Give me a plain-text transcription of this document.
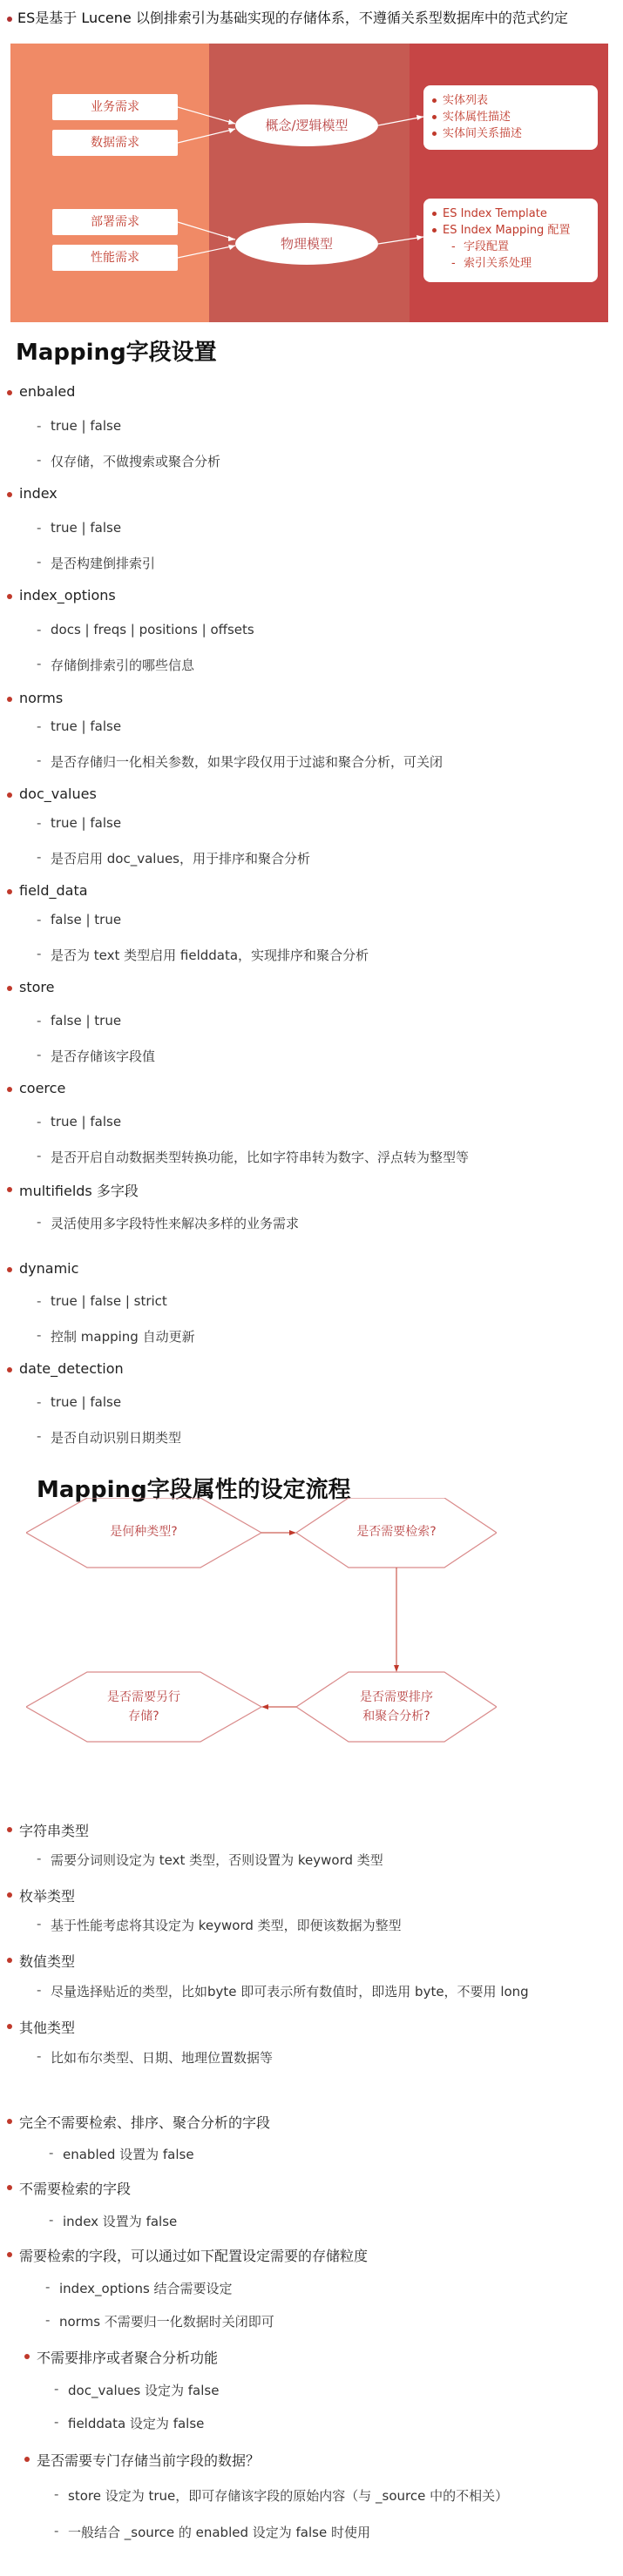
ES是基于 Lucene 以倒排索引为基础实现的存储体系，不遵循关系型数据库中的范式约定
业务需求
数据需求
部署需求
性能需求
概念/逻辑模型
物理模型
实体列表
实体属性描述
实体间关系描述
ES Index Template
ES Index Mapping 配置
- 字段配置
- 索引关系处理
Mapping字段设置
enbaled
- true | false
- 仅存储，不做搜索或聚合分析
index
- true | false
- 是否构建倒排索引
index_options
- docs | freqs | positions | offsets
- 存储倒排索引的哪些信息
norms
- true | false
- 是否存储归一化相关参数，如果字段仅用于过滤和聚合分析，可关闭
doc_values
- true | false
- 是否启用 doc_values，用于排序和聚合分析
field_data
- false | true
- 是否为 text 类型启用 fielddata，实现排序和聚合分析
store
- false | true
- 是否存储该字段值
coerce
- true | false
- 是否开启自动数据类型转换功能，比如字符串转为数字、浮点转为整型等
multifields 多字段
- 灵活使用多字段特性来解决多样的业务需求
dynamic
- true | false | strict
- 控制 mapping 自动更新
date_detection
- true | false
- 是否自动识别日期类型
Mapping字段属性的设定流程
是何种类型?	是否需要检索?
是否需要排序
和聚合分析?
是否需要另行
存储?
字符串类型
- 需要分词则设定为 text 类型，否则设置为 keyword 类型
枚举类型
- 基于性能考虑将其设定为 keyword 类型，即便该数据为整型
数值类型
- 尽量选择贴近的类型，比如byte 即可表示所有数值时，即选用 byte，不要用 long
其他类型
- 比如布尔类型、日期、地理位置数据等
完全不需要检索、排序、聚合分析的字段
- enabled 设置为 false
不需要检索的字段
- index 设置为 false
需要检索的字段，可以通过如下配置设定需要的存储粒度
- index_options 结合需要设定
- norms 不需要归一化数据时关闭即可
不需要排序或者聚合分析功能
- doc_values 设定为 false
- fielddata 设定为 false
是否需要专门存储当前字段的数据？
- store 设定为 true，即可存储该字段的原始内容（与 _source 中的不相关）
- 一般结合 _source 的 enabled 设定为 false 时使用
